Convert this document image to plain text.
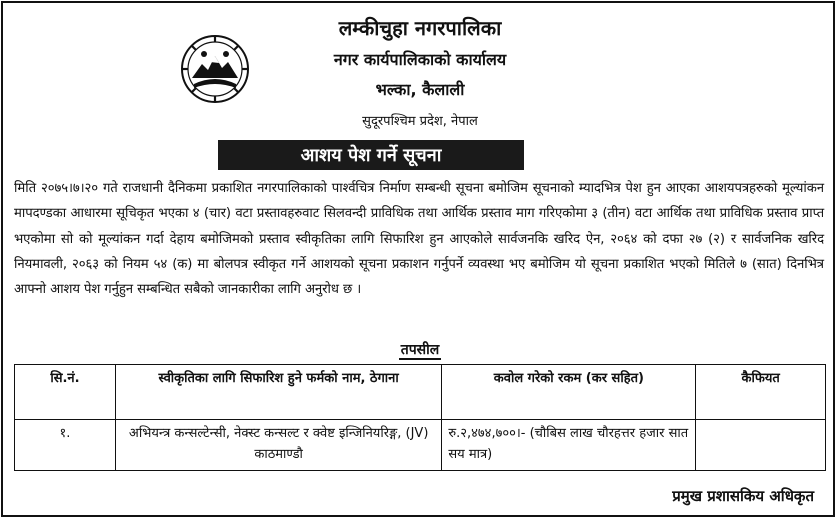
लम्कीचुहा नगरपालिका
नगर कार्यपालिकाको कार्यालय
भल्का, कैलाली
सुदूरपश्चिम प्रदेश, नेपाल
आशय पेश गर्ने सूचना
मिति २०७५।७।२० गते राजधानी दैनिकमा प्रकाशित नगरपालिकाको पार्श्वचित्र निर्माण सम्बन्धी सूचना बमोजिम सूचनाको म्यादभित्र पेश हुन आएका आशयपत्रहरुको मूल्यांकन मापदण्डका आधारमा सूचिकृत भएका ४ (चार) वटा प्रस्तावहरुवाट सिलवन्दी प्राविधिक तथा आर्थिक प्रस्ताव माग गरिएकोमा ३ (तीन) वटा आर्थिक तथा प्राविधिक प्रस्ताव प्राप्त भएकोमा सो को मूल्यांकन गर्दा देहाय बमोजिमको प्रस्ताव स्वीकृतिका लागि सिफारिश हुन आएकोले सार्वजनकि खरिद ऐन, २०६४ को दफा २७ (२) र सार्वजनिक खरिद नियमावली, २०६३ को नियम ५४ (क) मा बोलपत्र स्वीकृत गर्ने आशयको सूचना प्रकाशन गर्नुपर्ने व्यवस्था भए बमोजिम यो सूचना प्रकाशित भएको मितिले ७ (सात) दिनभित्र आफ्नो आशय पेश गर्नुहुन सम्बन्धित सबैको जानकारीका लागि अनुरोध छ ।
तपसील
सि.नं.	स्वीकृतिका लागि सिफारिश हुने फर्मको नाम, ठेगाना	कवोल गरेको रकम (कर सहित)	कैफियत
१.	अभियन्त्र कन्सल्टेन्सी, नेक्स्ट कन्सल्ट र क्वेष्ट इन्जिनियरिङ्ग, (JV) काठमाण्डौ	रु.२,४७४,७००।- (चौबिस लाख चौरहत्तर हजार सात सय मात्र)	
प्रमुख प्रशासकिय अधिकृत
